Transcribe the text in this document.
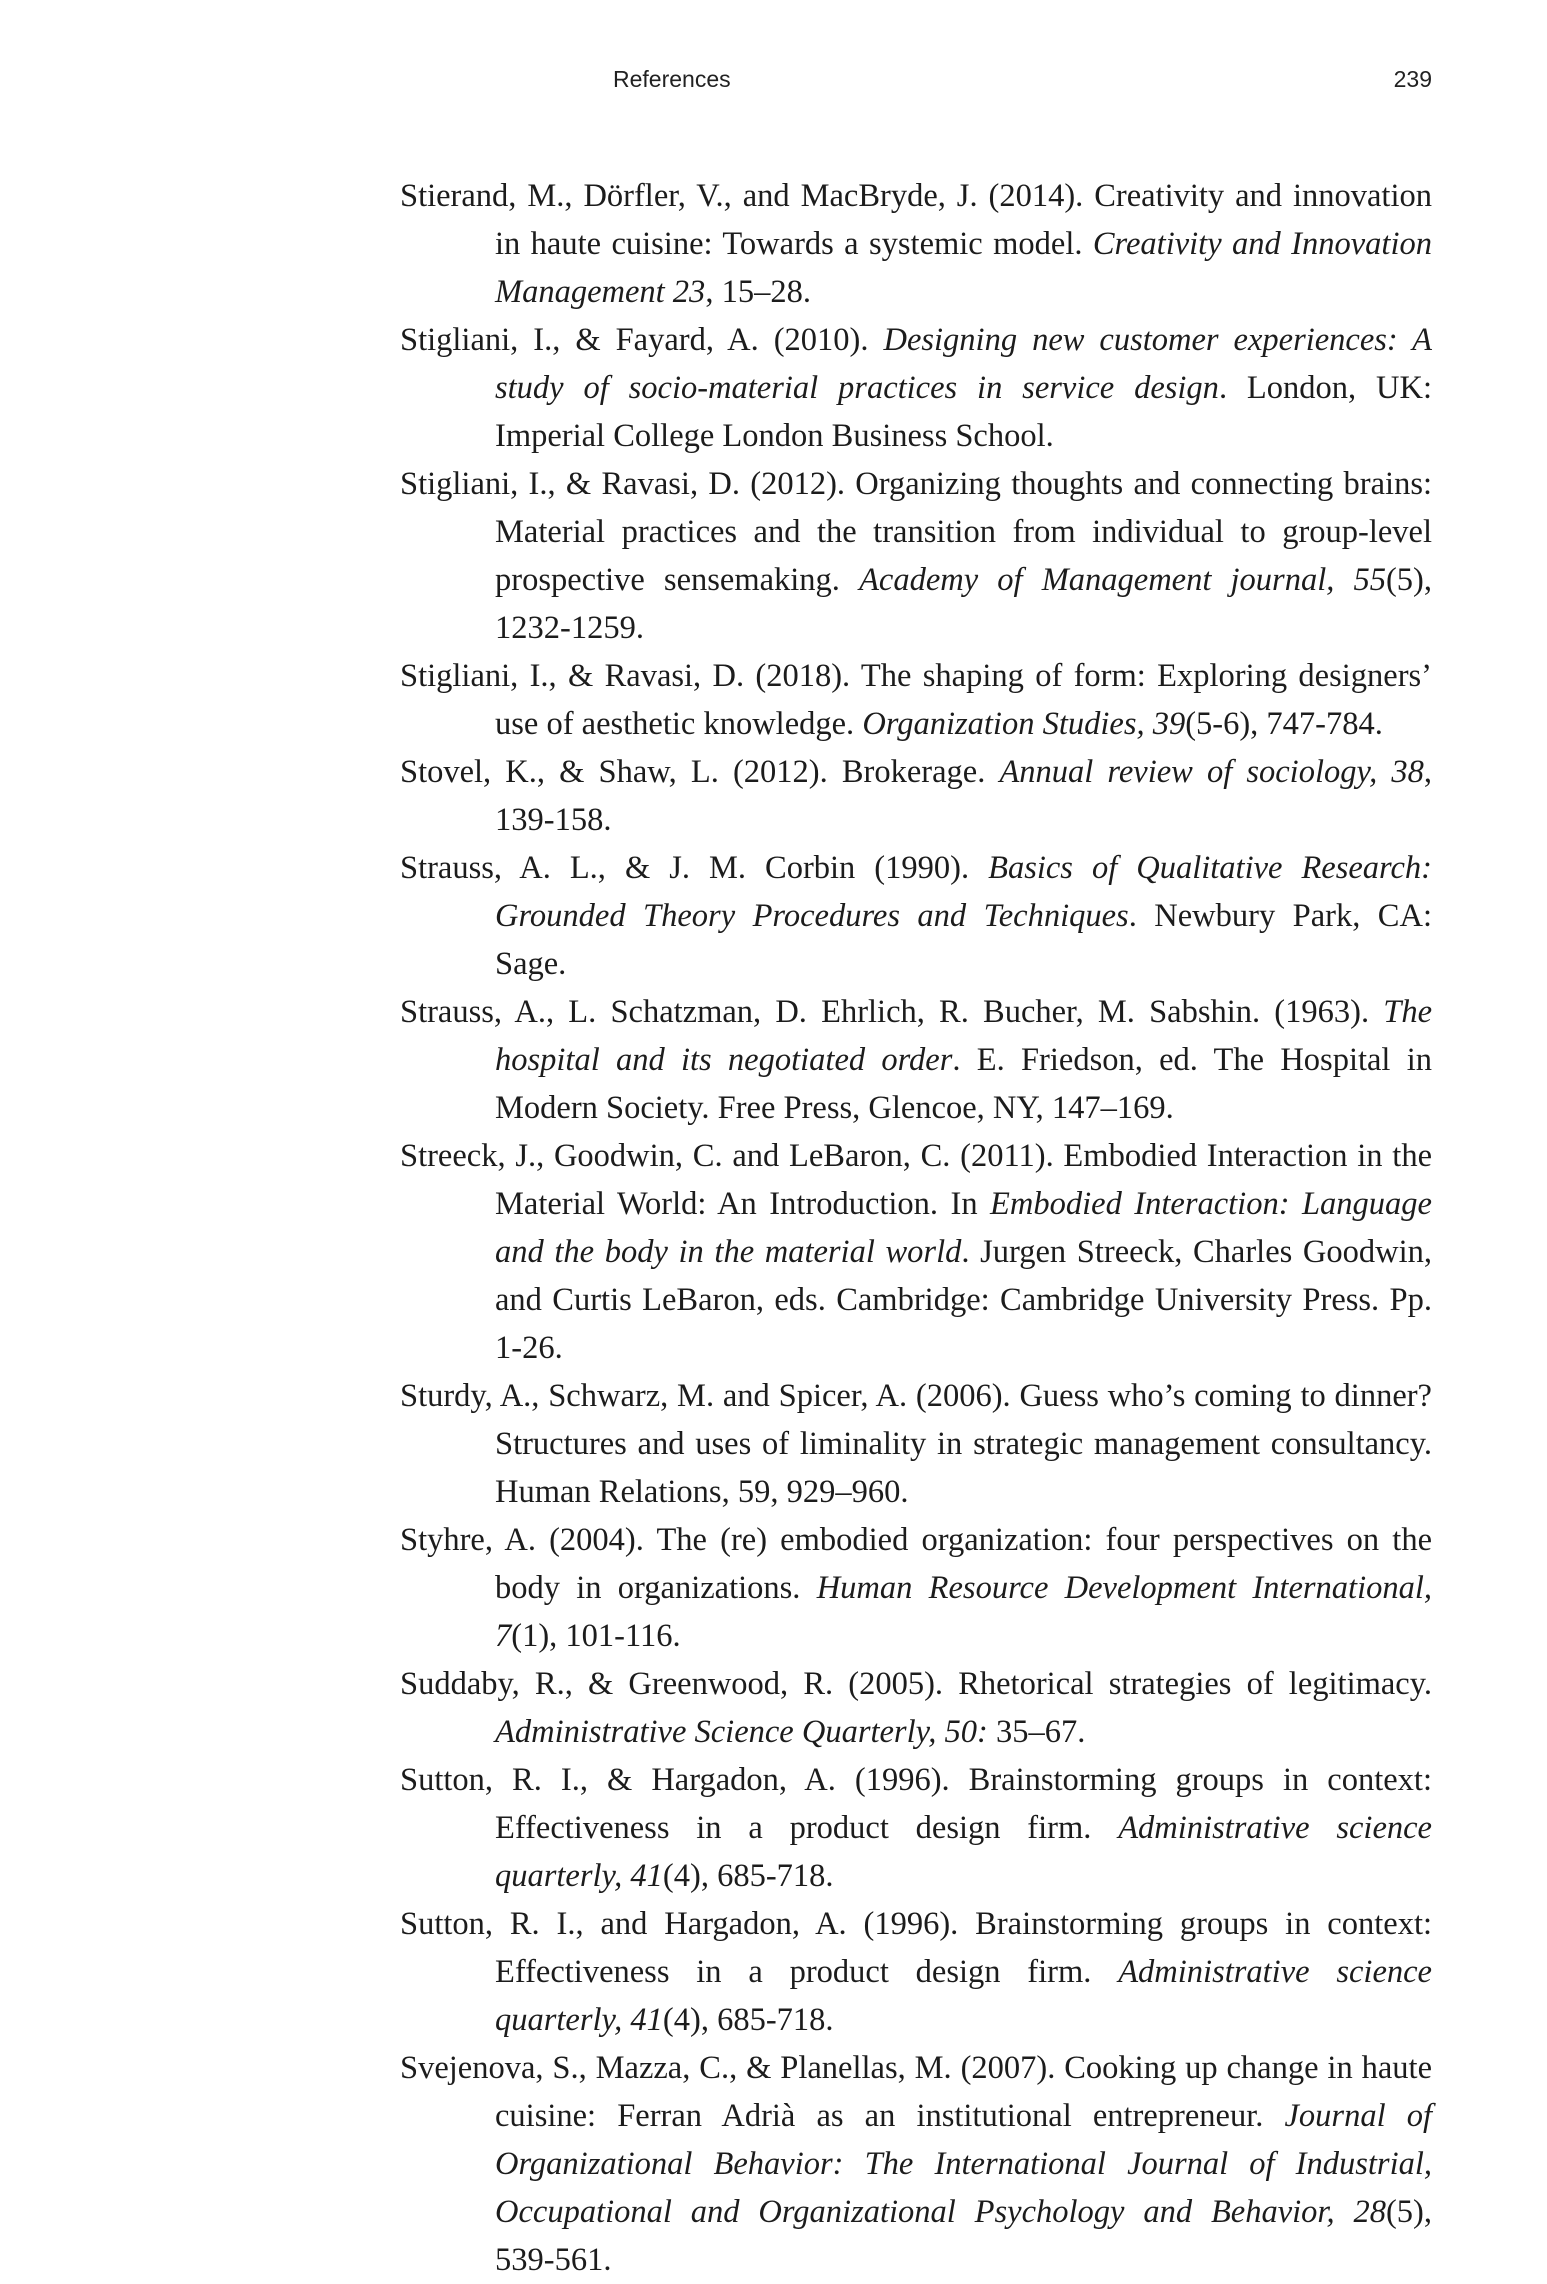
References	239

Stierand, M., Dörfler, V., and MacBryde, J. (2014). Creativity and innovation in haute cuisine: Towards a systemic model. Creativity and Innovation Management 23, 15–28.

Stigliani, I., & Fayard, A. (2010). Designing new customer experiences: A study of socio-material practices in service design. London, UK: Imperial College London Business School.

Stigliani, I., & Ravasi, D. (2012). Organizing thoughts and connecting brains: Material practices and the transition from individual to group-level prospective sensemaking. Academy of Management journal, 55(5), 1232-1259.

Stigliani, I., & Ravasi, D. (2018). The shaping of form: Exploring designers’ use of aesthetic knowledge. Organization Studies, 39(5-6), 747-784.

Stovel, K., & Shaw, L. (2012). Brokerage. Annual review of sociology, 38, 139-158.

Strauss, A. L., & J. M. Corbin (1990). Basics of Qualitative Research: Grounded Theory Procedures and Techniques. Newbury Park, CA: Sage.

Strauss, A., L. Schatzman, D. Ehrlich, R. Bucher, M. Sabshin. (1963). The hospital and its negotiated order. E. Friedson, ed. The Hospital in Modern Society. Free Press, Glencoe, NY, 147–169.

Streeck, J., Goodwin, C. and LeBaron, C. (2011). Embodied Interaction in the Material World: An Introduction. In Embodied Interaction: Language and the body in the material world. Jurgen Streeck, Charles Goodwin, and Curtis LeBaron, eds. Cambridge: Cambridge University Press. Pp. 1-26.

Sturdy, A., Schwarz, M. and Spicer, A. (2006). Guess who’s coming to dinner? Structures and uses of liminality in strategic management consultancy. Human Relations, 59, 929–960.

Styhre, A. (2004). The (re) embodied organization: four perspectives on the body in organizations. Human Resource Development International, 7(1), 101-116.

Suddaby, R., & Greenwood, R. (2005). Rhetorical strategies of legitimacy. Administrative Science Quarterly, 50: 35–67.

Sutton, R. I., & Hargadon, A. (1996). Brainstorming groups in context: Effectiveness in a product design firm. Administrative science quarterly, 41(4), 685-718.

Sutton, R. I., and Hargadon, A. (1996). Brainstorming groups in context: Effectiveness in a product design firm. Administrative science quarterly, 41(4), 685-718.

Svejenova, S., Mazza, C., & Planellas, M. (2007). Cooking up change in haute cuisine: Ferran Adrià as an institutional entrepreneur. Journal of Organizational Behavior: The International Journal of Industrial, Occupational and Organizational Psychology and Behavior, 28(5), 539-561.
